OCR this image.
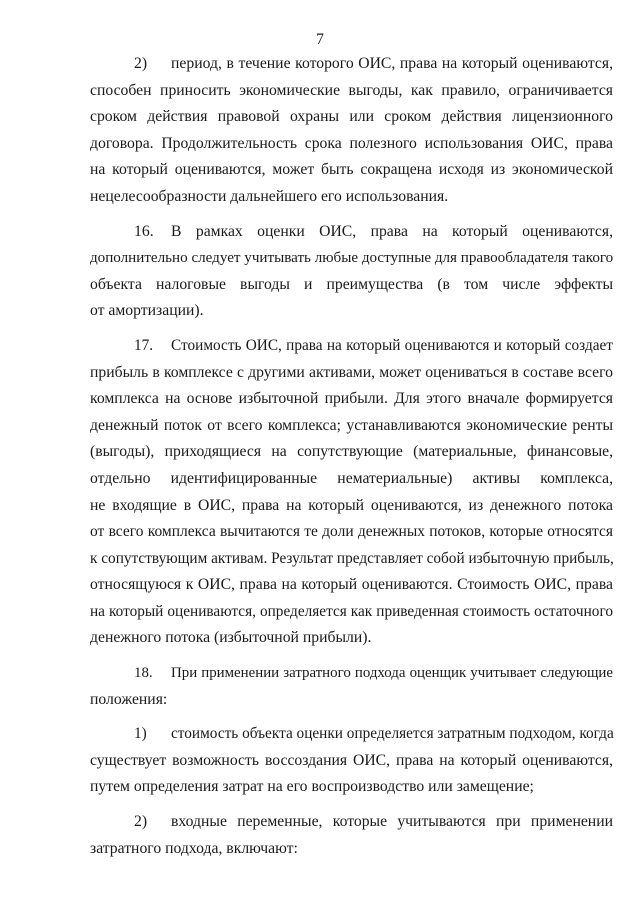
7
2) период, в течение которого ОИС, права на который оцениваются,
способен приносить экономические выгоды, как правило, ограничивается
сроком действия правовой охраны или сроком действия лицензионного
договора. Продолжительность срока полезного использования ОИС, права
на который оцениваются, может быть сокращена исходя из экономической
нецелесообразности дальнейшего его использования.
16. В рамках оценки ОИС, права на который оцениваются,
дополнительно следует учитывать любые доступные для правообладателя такого
объекта налоговые выгоды и преимущества (в том числе эффекты
от амортизации).
17. Стоимость ОИС, права на который оцениваются и который создает
прибыль в комплексе с другими активами, может оцениваться в составе всего
комплекса на основе избыточной прибыли. Для этого вначале формируется
денежный поток от всего комплекса; устанавливаются экономические ренты
(выгоды), приходящиеся на сопутствующие (материальные, финансовые,
отдельно идентифицированные нематериальные) активы комплекса,
не входящие в ОИС, права на который оцениваются, из денежного потока
от всего комплекса вычитаются те доли денежных потоков, которые относятся
к сопутствующим активам. Результат представляет собой избыточную прибыль,
относящуюся к ОИС, права на который оцениваются. Стоимость ОИС, права
на который оцениваются, определяется как приведенная стоимость остаточного
денежного потока (избыточной прибыли).
18. При применении затратного подхода оценщик учитывает следующие
положения:
1) стоимость объекта оценки определяется затратным подходом, когда
существует возможность воссоздания ОИС, права на который оцениваются,
путем определения затрат на его воспроизводство или замещение;
2) входные переменные, которые учитываются при применении
затратного подхода, включают:
